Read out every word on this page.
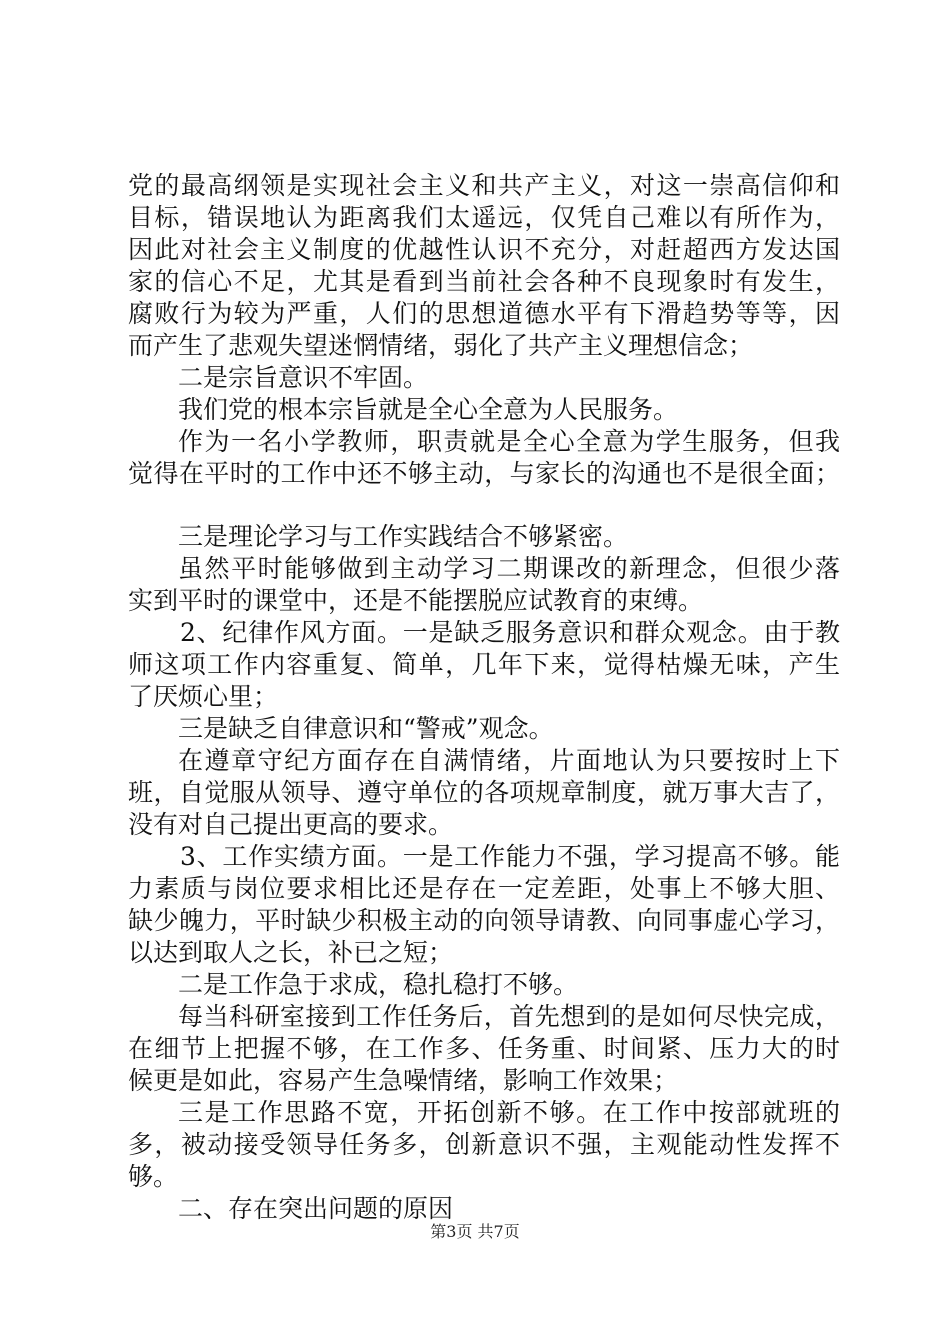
党的最高纲领是实现社会主义和共产主义，对这一崇高信仰和
目标，错误地认为距离我们太遥远，仅凭自己难以有所作为，
因此对社会主义制度的优越性认识不充分，对赶超西方发达国
家的信心不足，尤其是看到当前社会各种不良现象时有发生，
腐败行为较为严重，人们的思想道德水平有下滑趋势等等，因
而产生了悲观失望迷惘情绪，弱化了共产主义理想信念；
二是宗旨意识不牢固。
我们党的根本宗旨就是全心全意为人民服务。
作为一名小学教师，职责就是全心全意为学生服务，但我
觉得在平时的工作中还不够主动，与家长的沟通也不是很全面；
三是理论学习与工作实践结合不够紧密。
虽然平时能够做到主动学习二期课改的新理念，但很少落
实到平时的课堂中，还是不能摆脱应试教育的束缚。
2、纪律作风方面。一是缺乏服务意识和群众观念。由于教
师这项工作内容重复、简单，几年下来，觉得枯燥无味，产生
了厌烦心里；
三是缺乏自律意识和“警戒”观念。
在遵章守纪方面存在自满情绪，片面地认为只要按时上下
班，自觉服从领导、遵守单位的各项规章制度，就万事大吉了，
没有对自己提出更高的要求。
3、工作实绩方面。一是工作能力不强，学习提高不够。能
力素质与岗位要求相比还是存在一定差距，处事上不够大胆、
缺少魄力，平时缺少积极主动的向领导请教、向同事虚心学习，
以达到取人之长，补已之短；
二是工作急于求成，稳扎稳打不够。
每当科研室接到工作任务后，首先想到的是如何尽快完成，
在细节上把握不够，在工作多、任务重、时间紧、压力大的时
候更是如此，容易产生急噪情绪，影响工作效果；
三是工作思路不宽，开拓创新不够。在工作中按部就班的
多，被动接受领导任务多，创新意识不强，主观能动性发挥不
够。
二、存在突出问题的原因
第3页 共7页
